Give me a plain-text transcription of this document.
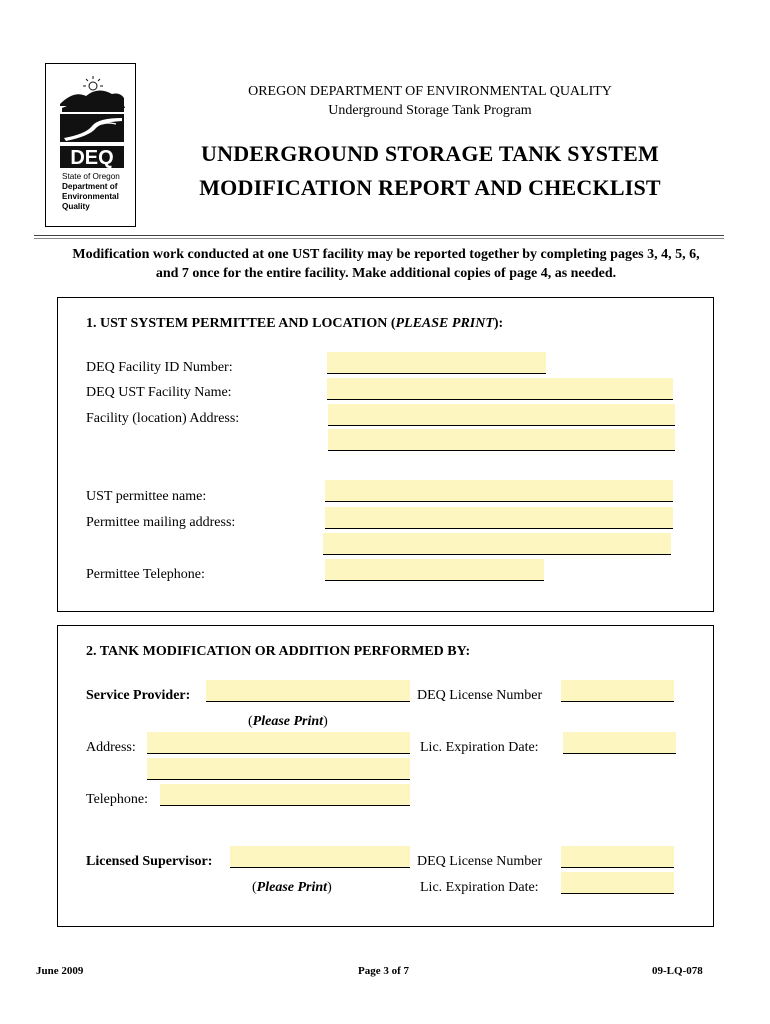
DEQ
State of Oregon
Department of
Environmental
Quality
OREGON DEPARTMENT OF ENVIRONMENTAL QUALITY
Underground Storage Tank Program
UNDERGROUND STORAGE TANK SYSTEM
MODIFICATION REPORT AND CHECKLIST
Modification work conducted at one UST facility may be reported together by completing pages 3, 4, 5, 6,
and 7 once for the entire facility. Make additional copies of page 4, as needed.
1. UST SYSTEM PERMITTEE AND LOCATION (PLEASE PRINT):
DEQ Facility ID Number:
DEQ UST Facility Name:
Facility (location) Address:
UST permittee name:
Permittee mailing address:
Permittee Telephone:
2. TANK MODIFICATION OR ADDITION PERFORMED BY:
Service Provider:	DEQ License Number
(Please Print)
Address:	Lic. Expiration Date:
Telephone:
Licensed Supervisor:	DEQ License Number
(Please Print)	Lic. Expiration Date:
June 2009	Page 3 of 7	09-LQ-078
